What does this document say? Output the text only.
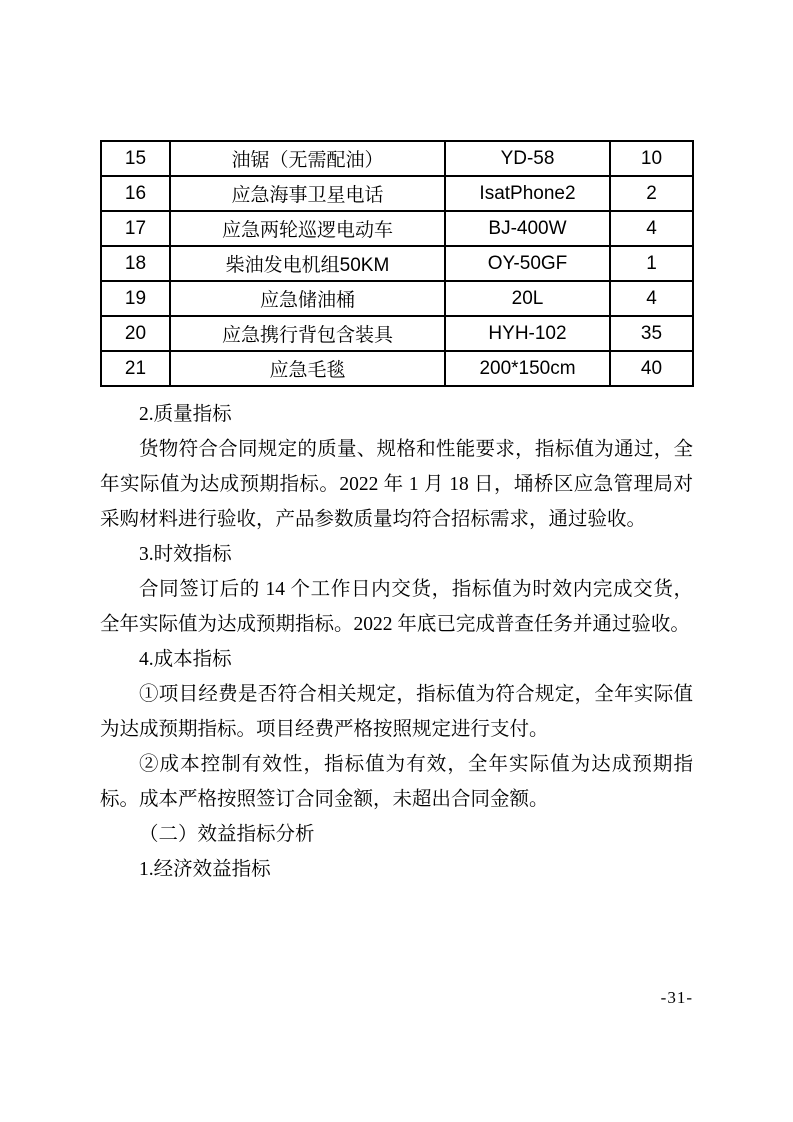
15	油锯（无需配油）	YD-58	10
16	应急海事卫星电话	IsatPhone2	2
17	应急两轮巡逻电动车	BJ-400W	4
18	柴油发电机组50KM	OY-50GF	1
19	应急储油桶	20L	4
20	应急携行背包含装具	HYH-102	35
21	应急毛毯	200*150cm	40

2.质量指标

货物符合合同规定的质量、规格和性能要求，指标值为通过，全年实际值为达成预期指标。2022 年 1 月 18 日，埇桥区应急管理局对采购材料进行验收，产品参数质量均符合招标需求，通过验收。

3.时效指标

合同签订后的 14 个工作日内交货，指标值为时效内完成交货，全年实际值为达成预期指标。2022 年底已完成普查任务并通过验收。

4.成本指标

①项目经费是否符合相关规定，指标值为符合规定，全年实际值为达成预期指标。项目经费严格按照规定进行支付。

②成本控制有效性，指标值为有效，全年实际值为达成预期指标。成本严格按照签订合同金额，未超出合同金额。

（二）效益指标分析

1.经济效益指标

-31-
